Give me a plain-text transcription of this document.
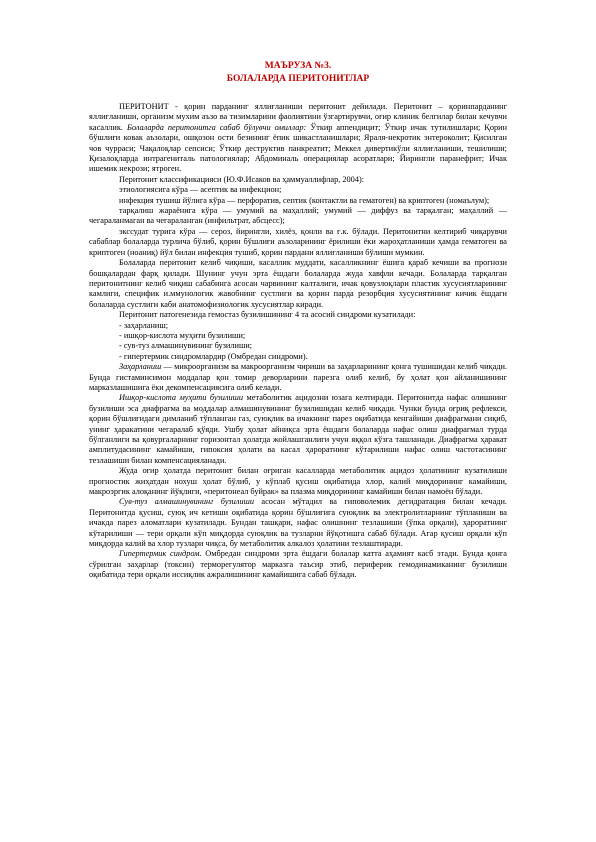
МАЪРУЗА №3.

БОЛАЛАРДА ПЕРИТОНИТЛАР

ПЕРИТОНИТ - қорин парданинг яллиғланиши перитонит дейилади. Перитонит – қоринпарданинг яллиғланиши, организм мухим аъзо ва тизимларини фаолиятини ўзгартирувчи, оғир клиник белгилар билан кечувчи касаллик. Болаларда перитонитга сабаб бўлувчи омиллар: Ўткир аппендицит; Ўткир ичак тутилишлари; Қорин бўшлиғи ковак аъзолари, ошқозон ости безининг ёпик шикастланишлари; Яраля-некротик энтероколит; Қисилган чов чурраси; Чақалоқлар сепсиси; Ўткир деструктив панкреатит; Меккел дивертикўли яллиғланиши, тешилиши; Қизалоқларда интрагениталь патологиялар; Абдоминаль операциялар асоратлари; Йирингли паранефрит; Ичак ишемик некрози; ятроген.

Перитонит классификацияси (Ю.Ф.Исаков ва ҳаммуаллифлар, 2004):

этиологиясига кўра — асептик ва инфекцион;

инфекция тушиш йўлига кўра — перфоратив, септик (контактли ва гематоген) ва криптоген (номаълум);

тарқалиш жараёнига кўра — умумий ва маҳаллий; умумий — диффуз ва тарқалган; маҳаллий — чегараланмаган ва чегараланган (инфильтрат, абсцесс);

экссудат турига кўра — сероз, йирингли, хилёз, қонли ва ғ.к. бўлади. Перитонитни келтириб чиқарувчи сабаблар болаларда турлича бўлиб, қорин бўшлиғи аъзоларининг ёрилиши ёки жароҳатланиши ҳамда гематоген ва криптоген (ноаниқ) йўл билан инфекция тушиб, қорин пардани яллиғланиши бўлиши мумкин.

Болаларда перитонит келиб чиқиши, касаллик муддати, касалликнинг ёшига қараб кечиши ва прогнози бошқалардан фарқ қилади. Шунинг учун эрта ёшдаги болаларда жуда хавфли кечади. Болаларда тарқалган перитонитнинг келиб чиқиш сабабинга асосан чарвининг калталиги, ичак қовузлоқлари пластик хусусиятларининг камлиги, специфик и.ммунологик жавобнинг сустлиги ва қорин парда резорбция хусусиятининг кичик ёшдаги болаларда сустлиги каби анатомофизиологик хусусиятлар киради.

Перитонит патогенезида гемостаз бузилишининг 4 та асосий синдроми кузатилади:

- заҳарланиш;

- ишқор-кислота муҳити бузилиши;

- сув-туз алмашинувининг бузилиши;

- гипертермик синдромлардир (Омбредан синдроми).

Заҳарланиш — микроорганизм ва макроорганизм чириши ва заҳарларининг қонга тушишидан келиб чиқади. Бунда гистаминсимон моддалар қон томир деворларини парезга олиб келиб, бу ҳолат қон айланишининг марказлашишига ёки декомпенсациясига олиб келади.

Ишқор-кислота муҳити бузилиши метаболитик ацидозни юзага келтиради. Перитонитда нафас олишнинг бузилиши эса диафрагма ва моддалар алмашинувининг бузилишидан келиб чиқади. Чунки бунда оғриқ рефлекси, қорин бўшлиғидаги димланиб тўпланган газ, суюқлик ва ичакнинг парез оқибатида кенгайиши диафрагмани сиқиб, унинг ҳаракатини чегаралаб қўяди. Ушбу ҳолат айниқса эрта ёшдаги болаларда нафас олиш диафрагмал турда бўлганлиги ва қовурғаларнинг горизонтал ҳолатда жойлашганлиги учун яққол кўзга ташланади. Диафрагма ҳаракат амплитудасининг камайиши, гипоксия ҳолати ва касал ҳароратнинг кўтарилиши нафас олиш частотасининг тезлашиши билан компенсацияланади.

Жуда оғир ҳолатда перитонит билан оғриган касалларда метаболитик ацидоз ҳолатининг кузатилиши прогностик жиҳатдан нохуш ҳолат бўлиб, у кўплаб қусиш оқибатида хлор, калий миқдорининг камайиши, макроэргик алоқанинг йўқлиги, «перитонеал буйрак» ва плазма миқдорининг камайиши билан намоён бўлади.

Сув-туз алмашинувининг бузилиши асосан мўтадил ва гиповолемик дегидратация билан кечади. Перитонитда қусиш, суюқ ич кетиши оқибатида қорин бўшлиғига суюқлик ва электролитларнинг тўпланиши ва ичакда парез аломатлари кузатилади. Бундан ташқари, нафас олишнинг тезлашиши (ўпка орқали), ҳароратнинг кўтарилиши — тери орқали кўп миқдорда суюқлик ва тузларни йўқотишга сабаб бўлади. Агар қусиш орқали кўп миқдорда калий ва хлор тузлари чиқса, бу метаболитик алкалоз ҳолатини тезлаштиради.

Гипертермик синдром. Омбредан синдроми эрта ёшдаги болалар катта аҳамият касб этади. Бунда қонга сўрилган заҳарлар (токсин) терморегулятор марказга таъсир этиб, периферик гемодинамиканинг бузилиши оқибатида тери орқали иссиқлик ажралишининг камайишига сабаб бўлади.
